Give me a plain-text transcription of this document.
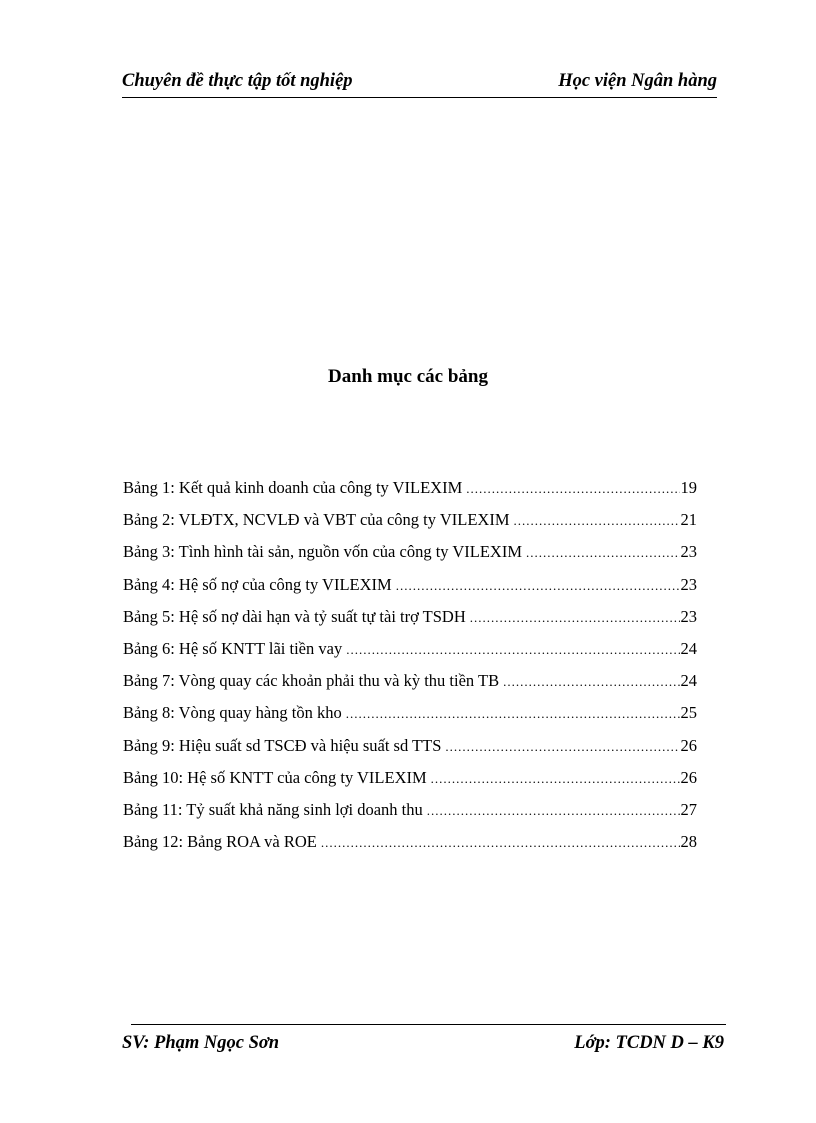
Chuyên đề thực tập tốt nghiệp	Học viện Ngân hàng
Danh mục các bảng
Bảng 1: Kết quả kinh doanh của công ty VILEXIM .....	19
Bảng 2: VLĐTX, NCVLĐ và VBT của công ty VILEXIM .....	21
Bảng 3: Tình hình tài sản, nguồn vốn của công ty VILEXIM .....	23
Bảng 4: Hệ số nợ của công ty VILEXIM .....	23
Bảng 5: Hệ số nợ dài hạn và tỷ suất tự tài trợ TSDH .....	23
Bảng 6: Hệ số KNTT lãi tiền vay .....	24
Bảng 7: Vòng quay các khoản phải thu và kỳ thu tiền TB .....	24
Bảng 8: Vòng quay hàng tồn kho .....	25
Bảng 9: Hiệu suất sd TSCĐ và hiệu suất sd TTS .....	26
Bảng 10: Hệ số KNTT của công ty VILEXIM .....	26
Bảng 11: Tỷ suất khả năng sinh lợi doanh thu .....	27
Bảng 12: Bảng ROA và ROE .....	28
SV: Phạm Ngọc Sơn	Lớp: TCDN D – K9
